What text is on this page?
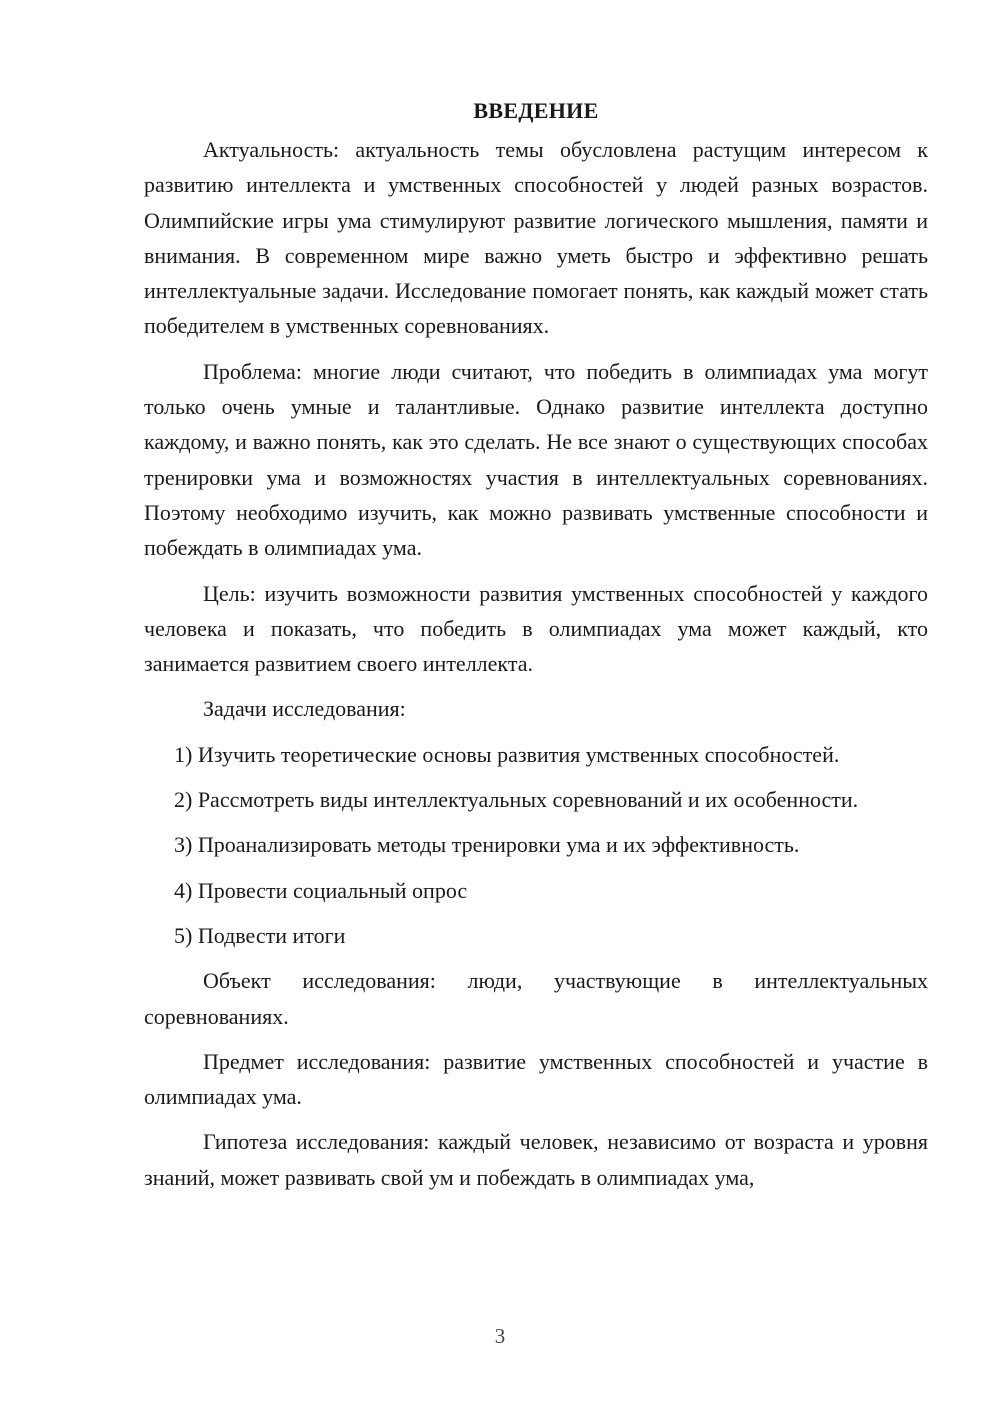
ВВЕДЕНИЕ

Актуальность: актуальность темы обусловлена растущим интересом к развитию интеллекта и умственных способностей у людей разных возрастов. Олимпийские игры ума стимулируют развитие логического мышления, памяти и внимания. В современном мире важно уметь быстро и эффективно решать интеллектуальные задачи. Исследование помогает понять, как каждый может стать победителем в умственных соревнованиях.

Проблема: многие люди считают, что победить в олимпиадах ума могут только очень умные и талантливые. Однако развитие интеллекта доступно каждому, и важно понять, как это сделать. Не все знают о существующих способах тренировки ума и возможностях участия в интеллектуальных соревнованиях. Поэтому необходимо изучить, как можно развивать умственные способности и побеждать в олимпиадах ума.

Цель: изучить возможности развития умственных способностей у каждого человека и показать, что победить в олимпиадах ума может каждый, кто занимается развитием своего интеллекта.

Задачи исследования:

1) Изучить теоретические основы развития умственных способностей.

2) Рассмотреть виды интеллектуальных соревнований и их особенности.

3) Проанализировать методы тренировки ума и их эффективность.

4) Провести социальный опрос

5) Подвести итоги

Объект исследования: люди, участвующие в интеллектуальных соревнованиях.

Предмет исследования: развитие умственных способностей и участие в олимпиадах ума.

Гипотеза исследования: каждый человек, независимо от возраста и уровня знаний, может развивать свой ум и побеждать в олимпиадах ума,

3
